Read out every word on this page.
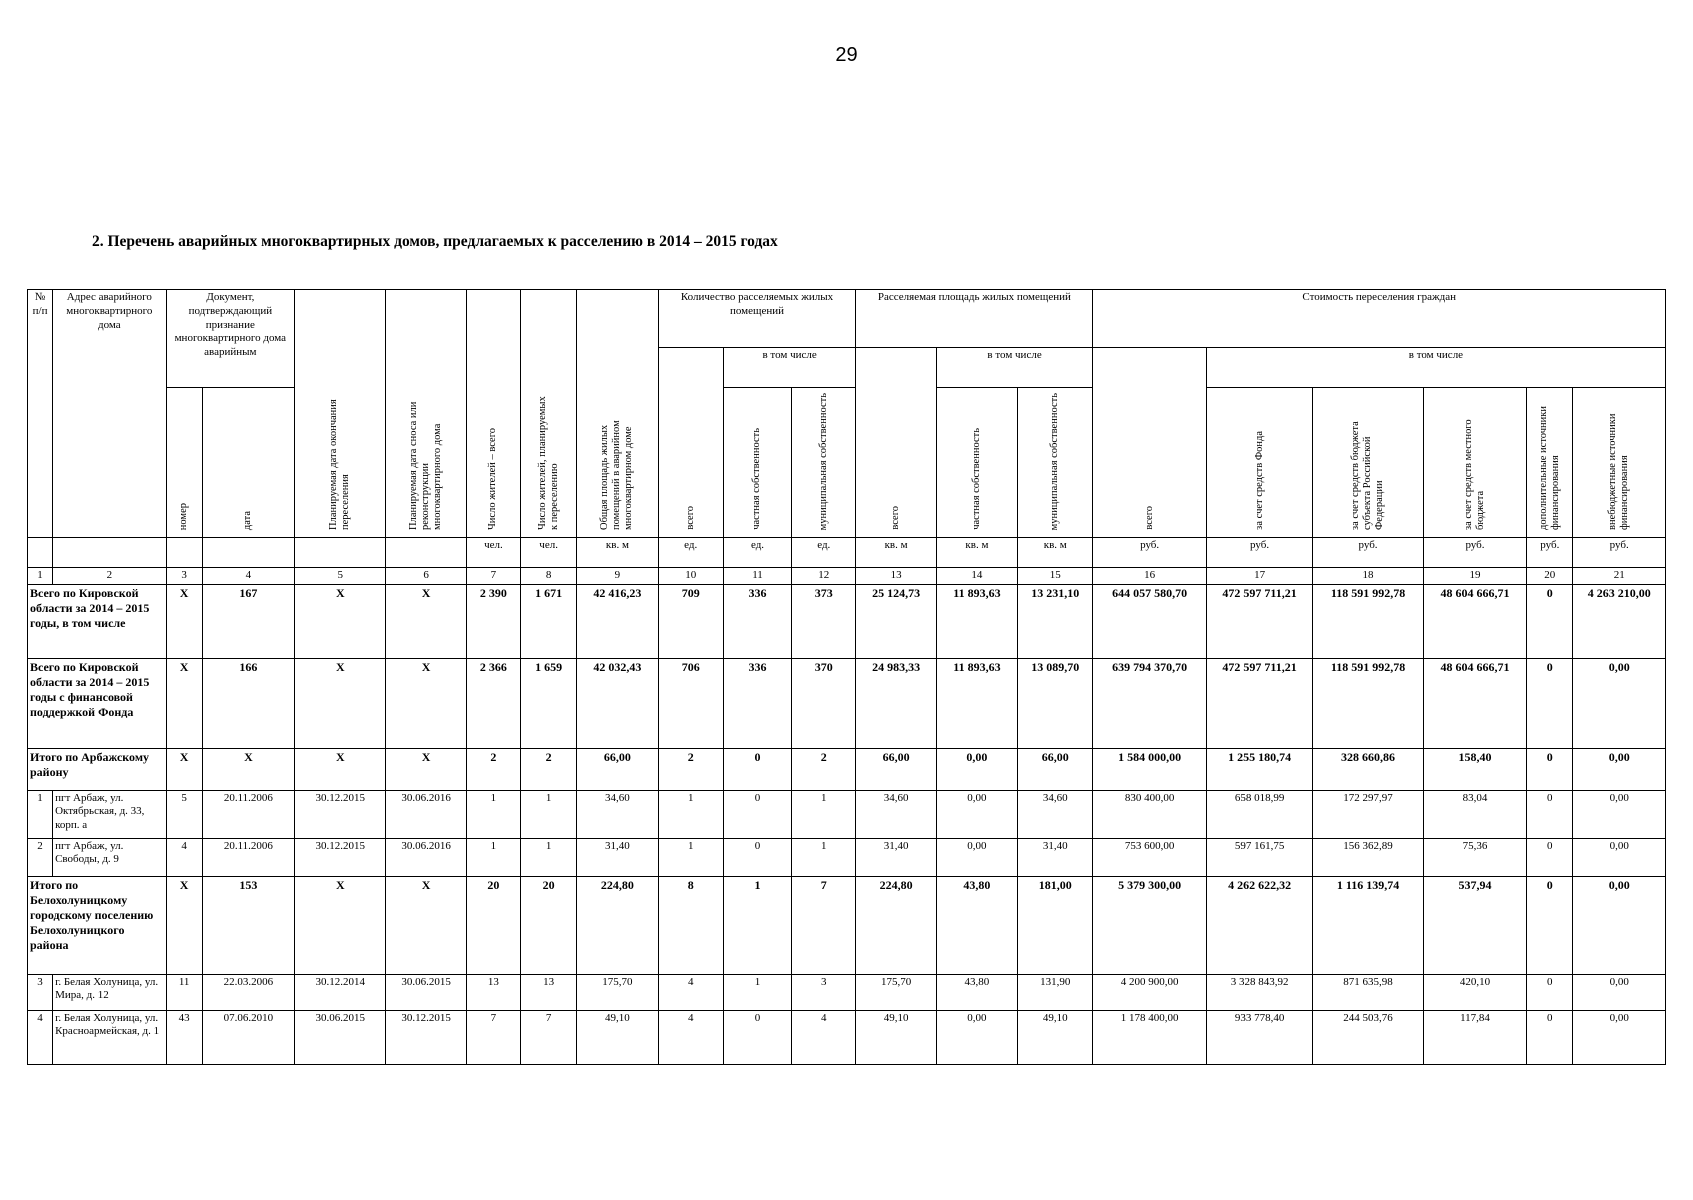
29
2. Перечень аварийных многоквартирных домов, предлагаемых к расселению в 2014 – 2015 годах
№ п/п	Адрес аварийного многоквартирного дома	Документ, подтверждающий признание многоквартирного дома аварийным		Планируемая дата окончания переселения	Планируемая дата сноса или реконструкции многоквартирного дома	Число жителей – всего	Число жителей, планируемых к переселению	Общая площадь жилых помещений в аварийном многоквартирном доме	Количество расселяемых жилых помещений			Расселяемая площадь жилых помещений			Стоимость переселения граждан					
									всего	в том числе		всего	в том числе		всего	в том числе				
		номер	дата							частная собственность	муниципальная собственность		частная собственность	муниципальная собственность		за счет средств Фонда	за счет средств бюджета субъекта Российской Федерации	за счет средств местного бюджета	дополнительные источники финансирования	внебюджетные источники финансирования
						чел.	чел.	кв. м	ед.	ед.	ед.	кв. м	кв. м	кв. м	руб.	руб.	руб.	руб.	руб.	руб.
1	2	3	4	5	6	7	8	9	10	11	12	13	14	15	16	17	18	19	20	21
Всего по Кировской области за 2014 – 2015 годы, в том числе		X	167	X	X	2 390	1 671	42 416,23	709	336	373	25 124,73	11 893,63	13 231,10	644 057 580,70	472 597 711,21	118 591 992,78	48 604 666,71	0	4 263 210,00
Всего по Кировской области за 2014 – 2015 годы с финансовой поддержкой Фонда		X	166	X	X	2 366	1 659	42 032,43	706	336	370	24 983,33	11 893,63	13 089,70	639 794 370,70	472 597 711,21	118 591 992,78	48 604 666,71	0	0,00
Итого по Арбажскому району		X	X	X	X	2	2	66,00	2	0	2	66,00	0,00	66,00	1 584 000,00	1 255 180,74	328 660,86	158,40	0	0,00
1	пгт Арбаж, ул. Октябрьская, д. 33, корп. а	5	20.11.2006	30.12.2015	30.06.2016	1	1	34,60	1	0	1	34,60	0,00	34,60	830 400,00	658 018,99	172 297,97	83,04	0	0,00
2	пгт Арбаж, ул. Свободы, д. 9	4	20.11.2006	30.12.2015	30.06.2016	1	1	31,40	1	0	1	31,40	0,00	31,40	753 600,00	597 161,75	156 362,89	75,36	0	0,00
Итого по Белохолуницкому городскому поселению Белохолуницкого района		X	153	X	X	20	20	224,80	8	1	7	224,80	43,80	181,00	5 379 300,00	4 262 622,32	1 116 139,74	537,94	0	0,00
3	г. Белая Холуница, ул. Мира, д. 12	11	22.03.2006	30.12.2014	30.06.2015	13	13	175,70	4	1	3	175,70	43,80	131,90	4 200 900,00	3 328 843,92	871 635,98	420,10	0	0,00
4	г. Белая Холуница, ул. Красноармейская, д. 1	43	07.06.2010	30.06.2015	30.12.2015	7	7	49,10	4	0	4	49,10	0,00	49,10	1 178 400,00	933 778,40	244 503,76	117,84	0	0,00
